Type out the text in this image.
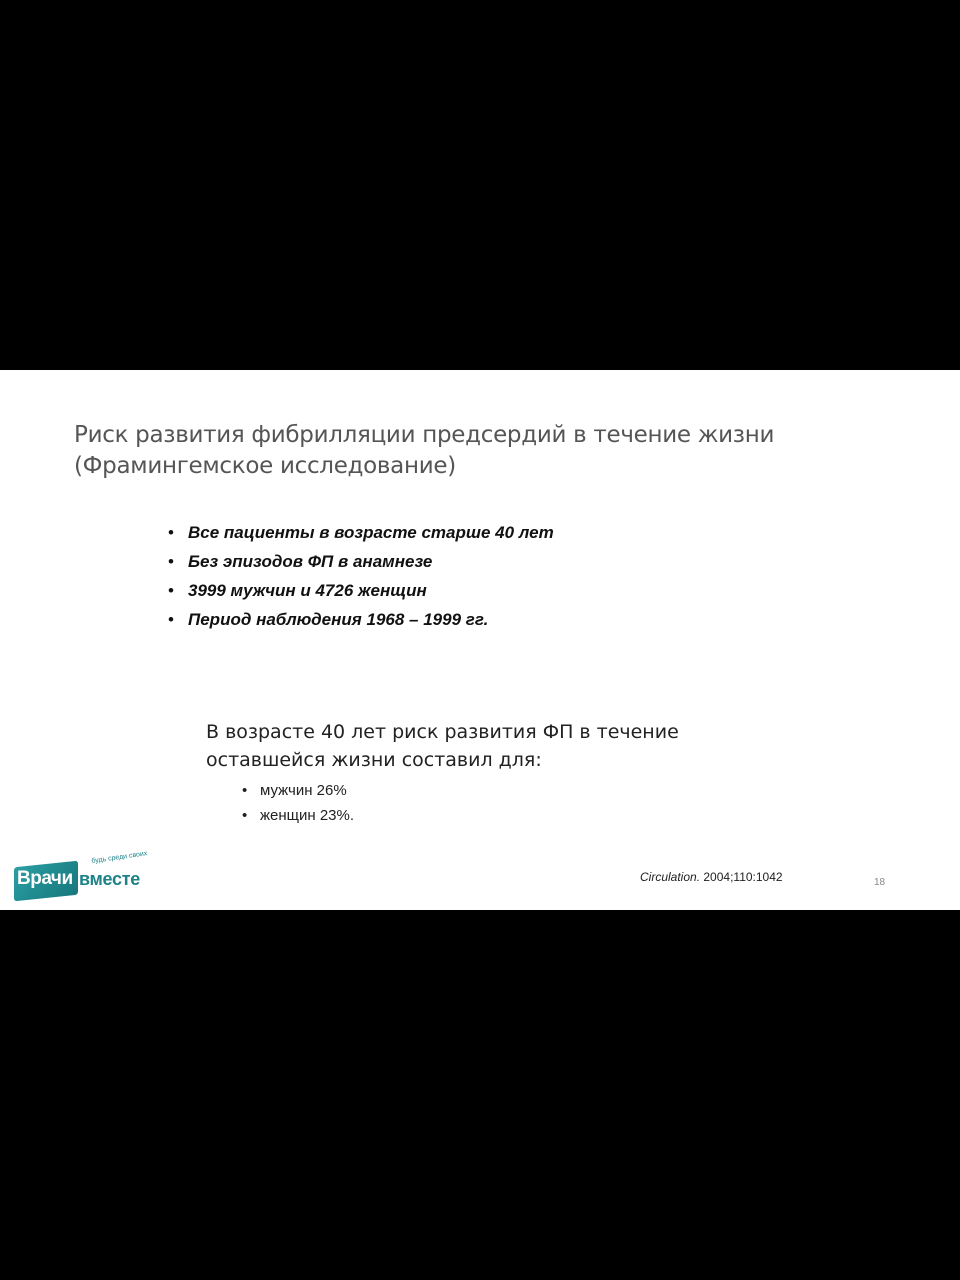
Риск развития фибрилляции предсердий в течение жизни
(Фрамингемское исследование)
• Все пациенты в возрасте старше 40 лет
• Без эпизодов ФП в анамнезе
• 3999 мужчин и 4726 женщин
• Период наблюдения 1968 – 1999 гг.

В возрасте 40 лет риск развития ФП в течение
оставшейся жизни составил для:

• мужчин 26%
• женщин 23%.
Врачи вместе
будь среди своих
Circulation. 2004;110:1042	18
